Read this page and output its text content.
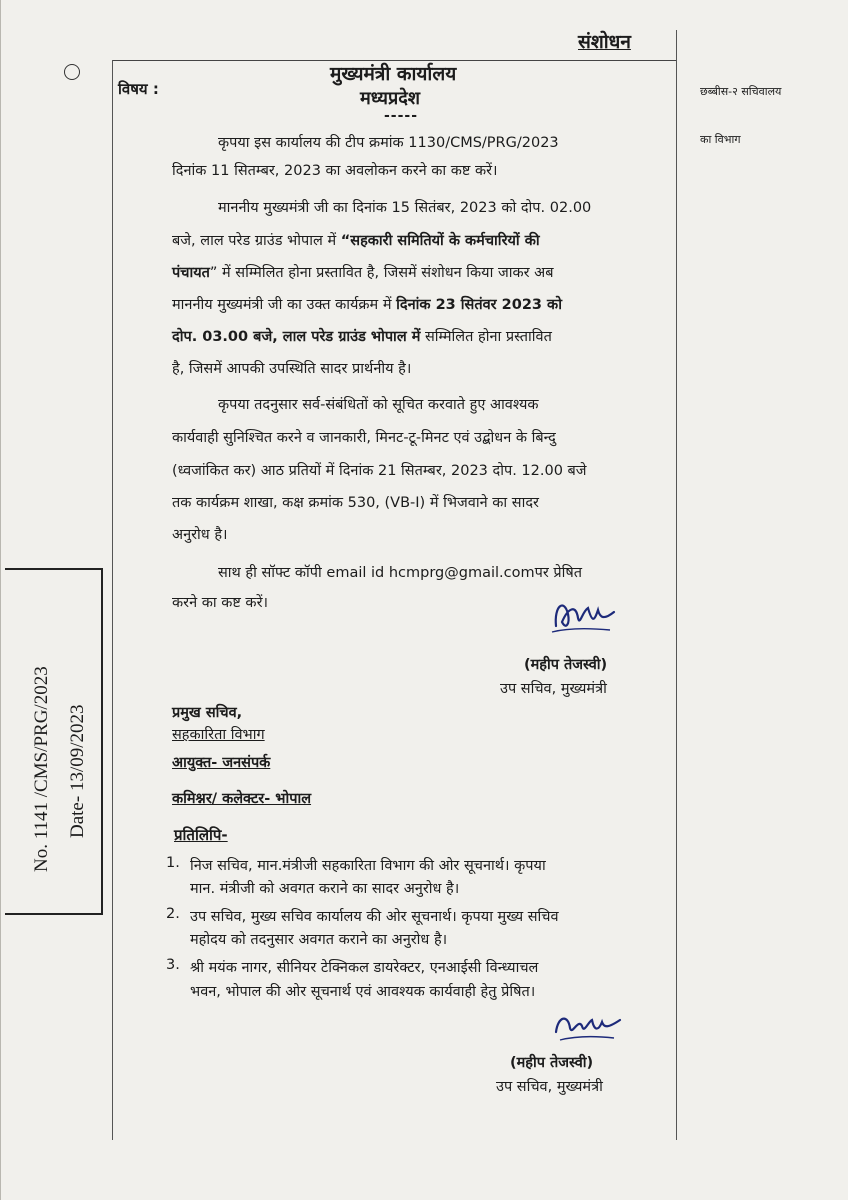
संशोधन
विषय :
मुख्यमंत्री कार्यालय
मध्यप्रदेश
-----
छब्बीस-२ सचिवालय
का विभाग
कृपया इस कार्यालय की टीप क्रमांक 1130/CMS/PRG/2023
दिनांक 11 सितम्बर, 2023 का अवलोकन करने का कष्ट करें।
माननीय मुख्यमंत्री जी का दिनांक 15 सितंबर, 2023 को दोप. 02.00
बजे, लाल परेड ग्राउंड भोपाल में “सहकारी समितियों के कर्मचारियों की
पंचायत” में सम्मिलित होना प्रस्तावित है, जिसमें संशोधन किया जाकर अब
माननीय मुख्यमंत्री जी का उक्त कार्यक्रम में दिनांक 23 सितंवर 2023 को
दोप. 03.00 बजे, लाल परेड ग्राउंड भोपाल में सम्मिलित होना प्रस्तावित
है, जिसमें आपकी उपस्थिति सादर प्रार्थनीय है।
कृपया तदनुसार सर्व-संबंधितों को सूचित करवाते हुए आवश्यक
कार्यवाही सुनिश्चित करने व जानकारी, मिनट-टू-मिनट एवं उद्बोधन के बिन्दु
(ध्वजांकित कर) आठ प्रतियों में दिनांक 21 सितम्बर, 2023 दोप. 12.00 बजे
तक कार्यक्रम शाखा, कक्ष क्रमांक 530, (VB-I) में भिजवाने का सादर
अनुरोध है।
साथ ही सॉफ्ट कॉपी email id hcmprg@gmail.comपर प्रेषित
करने का कष्ट करें।
(महीप तेजस्वी)
उप सचिव, मुख्यमंत्री
प्रमुख सचिव,
सहकारिता विभाग
आयुक्त- जनसंपर्क
कमिश्नर/ कलेक्टर- भोपाल
प्रतिलिपि-
1. निज सचिव, मान.मंत्रीजी सहकारिता विभाग की ओर सूचनार्थ। कृपया
मान. मंत्रीजी को अवगत कराने का सादर अनुरोध है।
2. उप सचिव, मुख्य सचिव कार्यालय की ओर सूचनार्थ। कृपया मुख्य सचिव
महोदय को तदनुसार अवगत कराने का अनुरोध है।
3. श्री मयंक नागर, सीनियर टेक्निकल डायरेक्टर, एनआईसी विन्ध्याचल
भवन, भोपाल की ओर सूचनार्थ एवं आवश्यक कार्यवाही हेतु प्रेषित।
(महीप तेजस्वी)
उप सचिव, मुख्यमंत्री
No. 1141 /CMS/PRG/2023 Date- 13/09/2023
